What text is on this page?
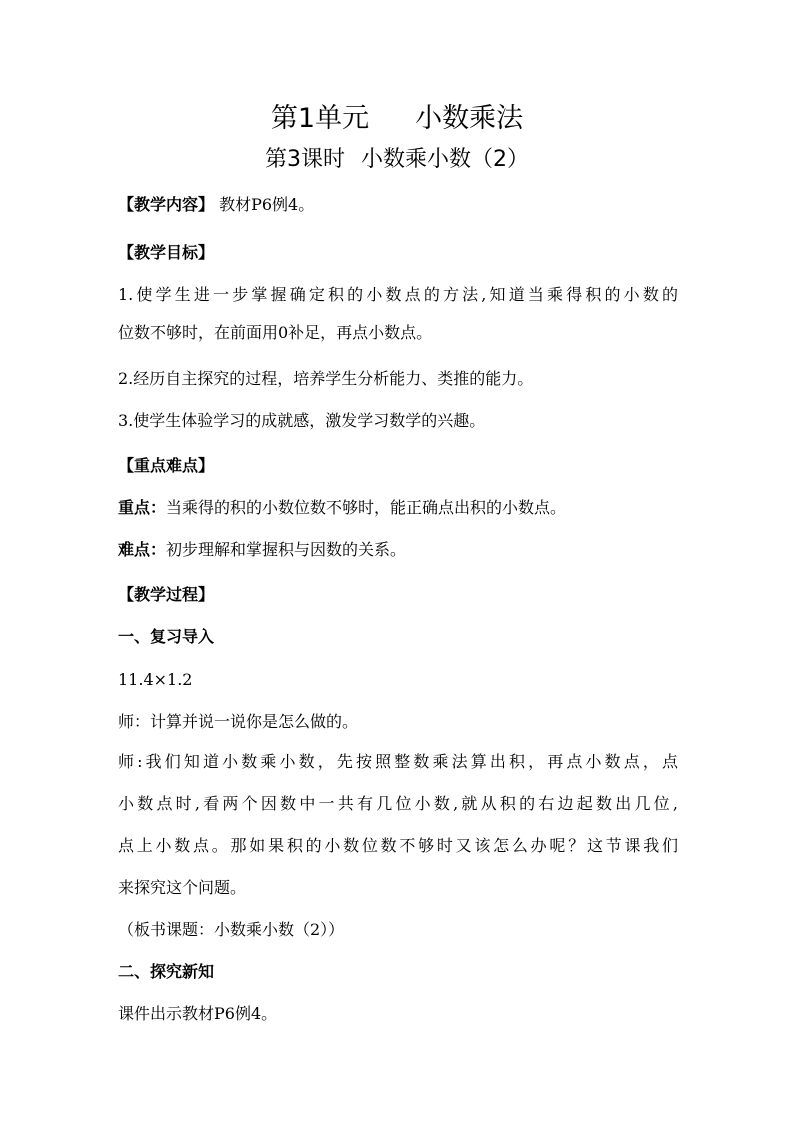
第1单元 小数乘法
第3课时 小数乘小数（2）
【教学内容】 教材P6例4。
【教学目标】
1.使学生进一步掌握确定积的小数点的方法,知道当乘得积的小数的
位数不够时，在前面用0补足，再点小数点。
2.经历自主探究的过程，培养学生分析能力、类推的能力。
3.使学生体验学习的成就感，激发学习数学的兴趣。
【重点难点】
重点：当乘得的积的小数位数不够时，能正确点出积的小数点。
难点：初步理解和掌握积与因数的关系。
【教学过程】
一、复习导入
11.4×1.2
师：计算并说一说你是怎么做的。
师:我们知道小数乘小数，先按照整数乘法算出积，再点小数点，点
小数点时,看两个因数中一共有几位小数,就从积的右边起数出几位,
点上小数点。那如果积的小数位数不够时又该怎么办呢？这节课我们
来探究这个问题。
（板书课题：小数乘小数（2））
二、探究新知
课件出示教材P6例4。
